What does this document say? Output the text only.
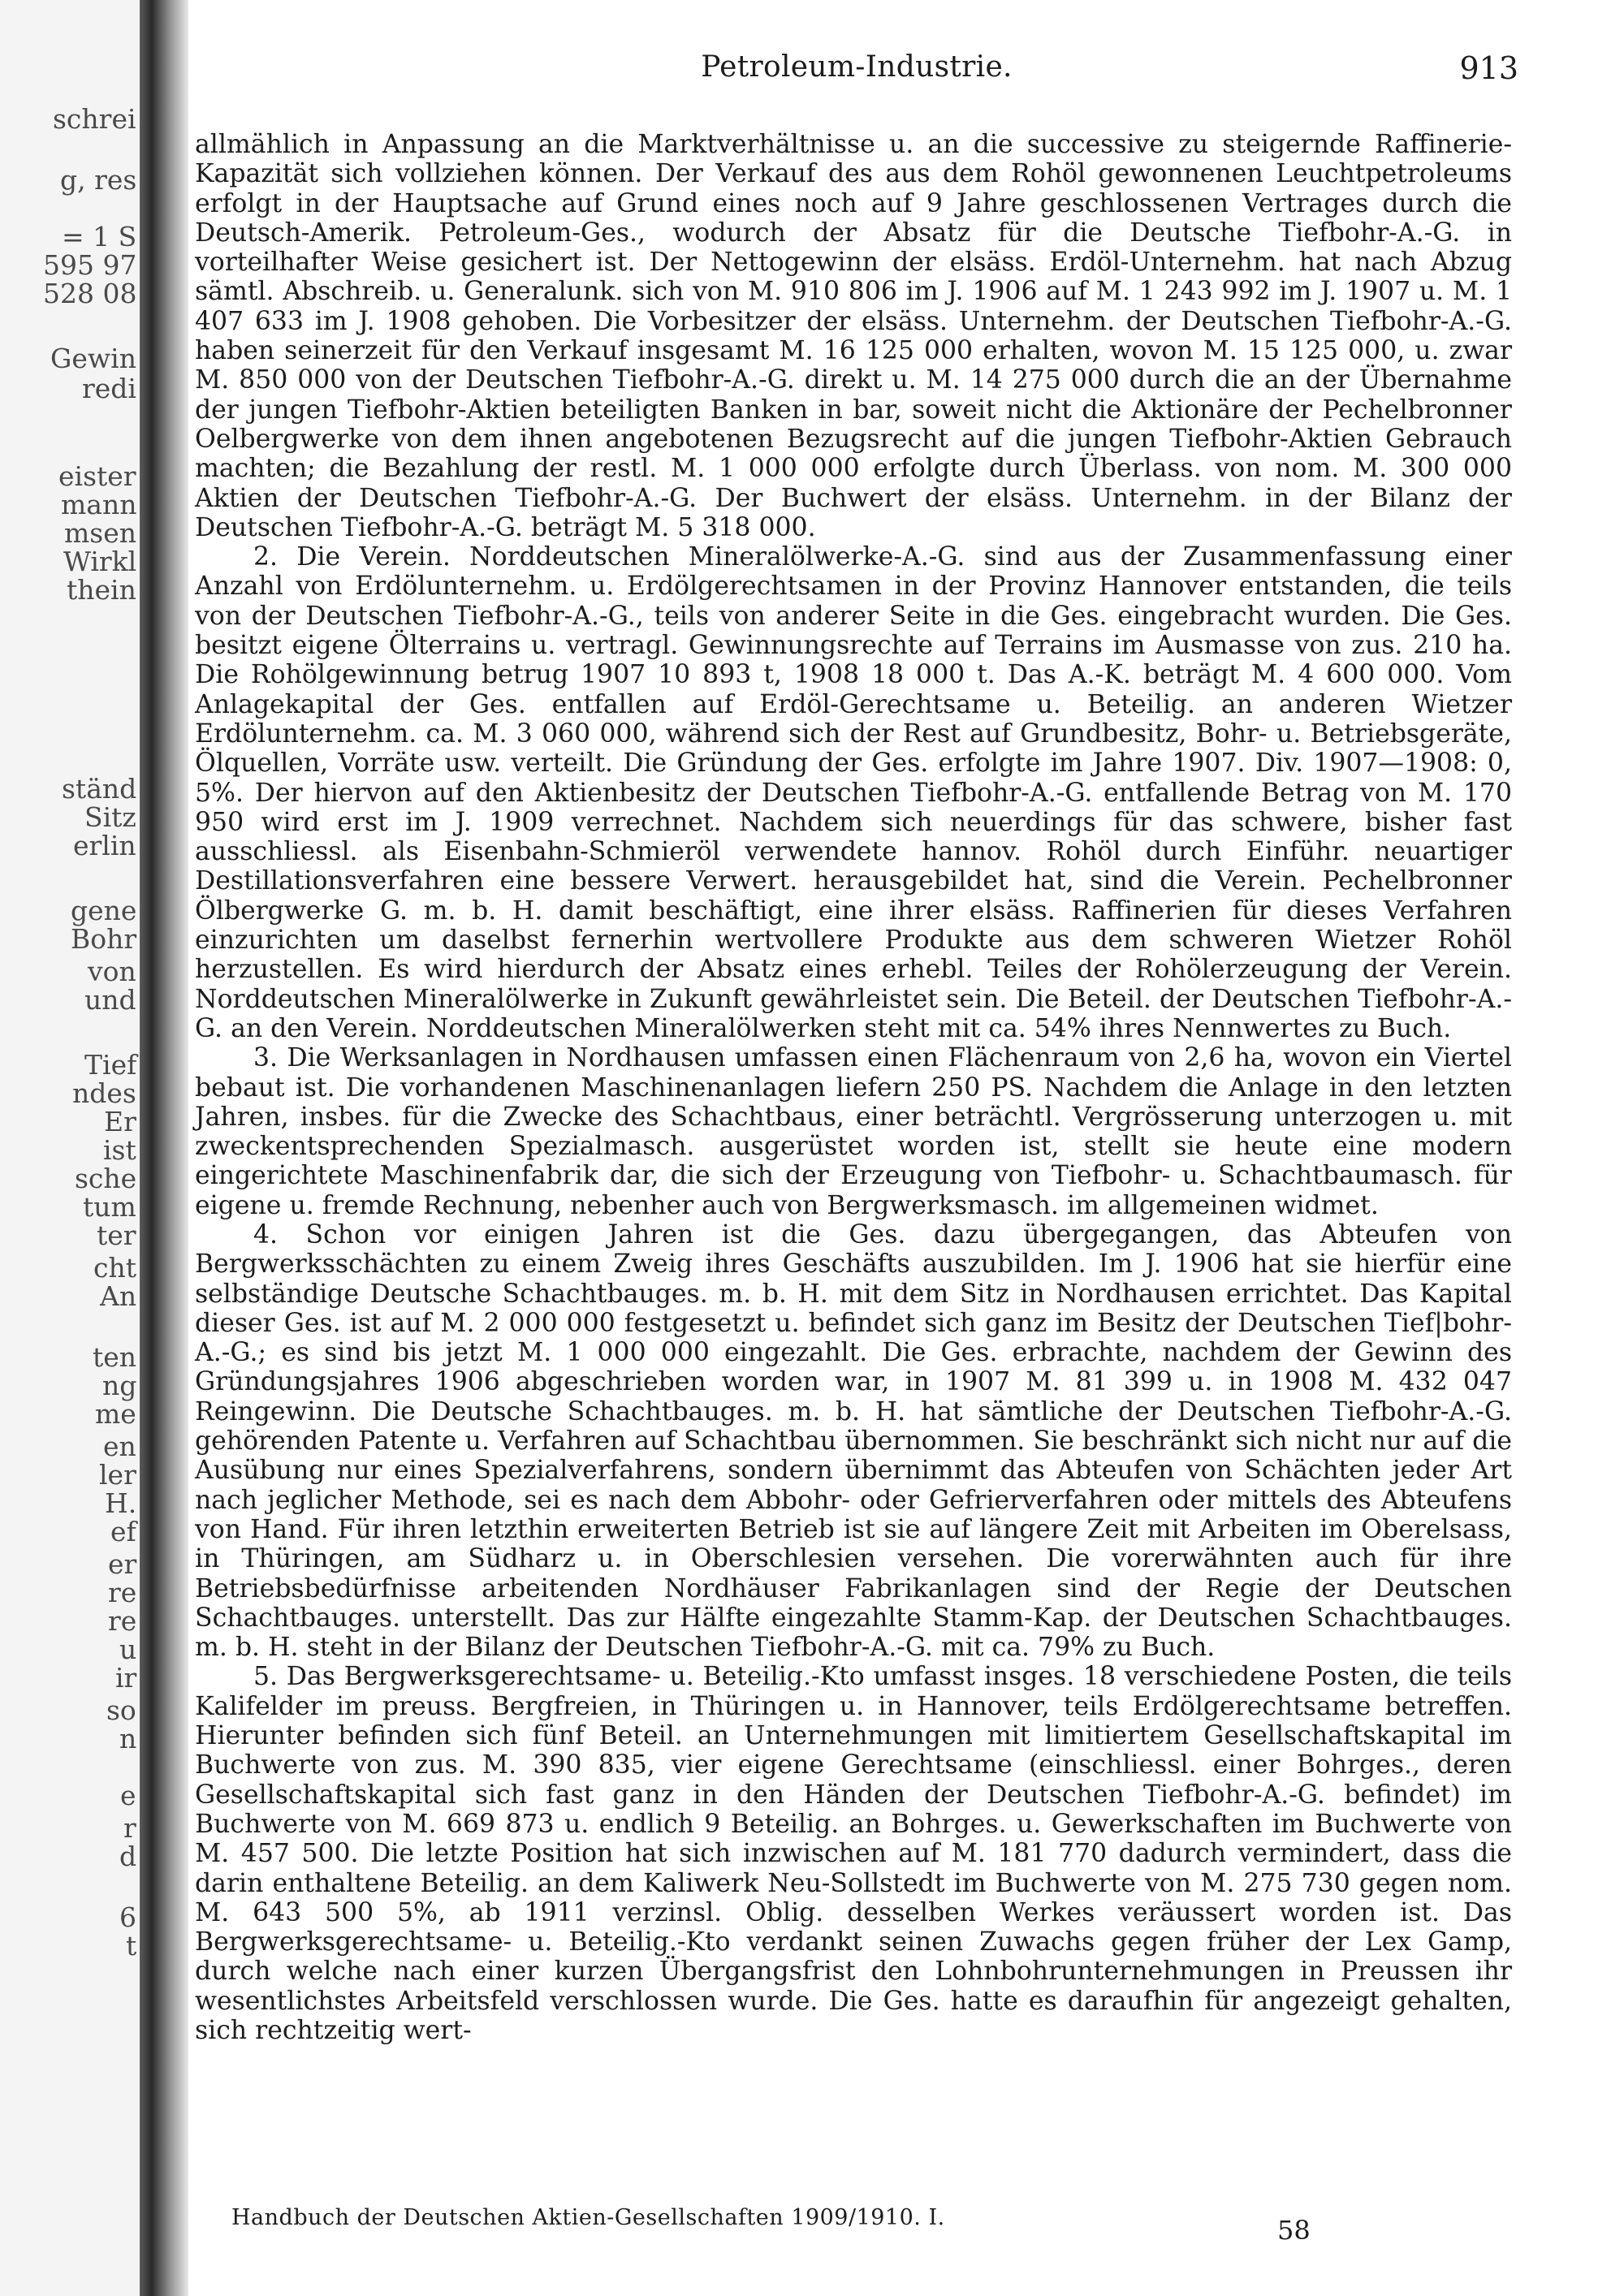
schrei
g, res
= 1 S
595 97
528 08
Gewin
redi
eister
mann
msen
Wirkl
thein
ständ
Sitz
erlin
gene
Bohr
von
und
Tief
ndes
Er
ist
sche
tum
ter
cht
An
ten
ng
me
en
ler
H.
ef
er
re
re
u
ir
so
n
e
r
d
6
t
Petroleum-Industrie.	913

allmählich in Anpassung an die Marktverhältnisse u. an die successive zu steigernde Raffinerie-Kapazität sich vollziehen können. Der Verkauf des aus dem Rohöl gewonnenen Leuchtpetroleums erfolgt in der Hauptsache auf Grund eines noch auf 9 Jahre geschlossenen Vertrages durch die Deutsch-Amerik. Petroleum-Ges., wodurch der Absatz für die Deutsche Tiefbohr-A.-G. in vorteilhafter Weise gesichert ist. Der Nettogewinn der elsäss. Erdöl-Unternehm. hat nach Abzug sämtl. Abschreib. u. Generalunk. sich von M. 910 806 im J. 1906 auf M. 1 243 992 im J. 1907 u. M. 1 407 633 im J. 1908 gehoben. Die Vorbesitzer der elsäss. Unternehm. der Deutschen Tiefbohr-A.-G. haben seinerzeit für den Verkauf insgesamt M. 16 125 000 erhalten, wovon M. 15 125 000, u. zwar M. 850 000 von der Deutschen Tiefbohr-A.-G. direkt u. M. 14 275 000 durch die an der Übernahme der jungen Tiefbohr-Aktien beteiligten Banken in bar, soweit nicht die Aktionäre der Pechelbronner Oelbergwerke von dem ihnen angebotenen Bezugsrecht auf die jungen Tiefbohr-Aktien Gebrauch machten; die Bezahlung der restl. M. 1 000 000 erfolgte durch Überlass. von nom. M. 300 000 Aktien der Deutschen Tiefbohr-A.-G. Der Buchwert der elsäss. Unternehm. in der Bilanz der Deutschen Tiefbohr-A.-G. beträgt M. 5 318 000.

2. Die Verein. Norddeutschen Mineralölwerke-A.-G. sind aus der Zusammenfassung einer Anzahl von Erdölunternehm. u. Erdölgerechtsamen in der Provinz Hannover entstanden, die teils von der Deutschen Tiefbohr-A.-G., teils von anderer Seite in die Ges. eingebracht wurden. Die Ges. besitzt eigene Ölterrains u. vertragl. Gewinnungsrechte auf Terrains im Ausmasse von zus. 210 ha. Die Rohölgewinnung betrug 1907 10 893 t, 1908 18 000 t. Das A.-K. beträgt M. 4 600 000. Vom Anlagekapital der Ges. entfallen auf Erdöl-Gerechtsame u. Beteilig. an anderen Wietzer Erdölunternehm. ca. M. 3 060 000, während sich der Rest auf Grundbesitz, Bohr- u. Betriebsgeräte, Ölquellen, Vorräte usw. verteilt. Die Gründung der Ges. erfolgte im Jahre 1907. Div. 1907—1908: 0, 5%. Der hiervon auf den Aktienbesitz der Deutschen Tiefbohr-A.-G. entfallende Betrag von M. 170 950 wird erst im J. 1909 verrechnet. Nachdem sich neuerdings für das schwere, bisher fast ausschliessl. als Eisenbahn-Schmieröl verwendete hannov. Rohöl durch Einführ. neuartiger Destillationsverfahren eine bessere Verwert. herausgebildet hat, sind die Verein. Pechelbronner Ölbergwerke G. m. b. H. damit beschäftigt, eine ihrer elsäss. Raffinerien für dieses Verfahren einzurichten um daselbst fernerhin wertvollere Produkte aus dem schweren Wietzer Rohöl herzustellen. Es wird hierdurch der Absatz eines erhebl. Teiles der Rohölerzeugung der Verein. Norddeutschen Mineralölwerke in Zukunft gewährleistet sein. Die Beteil. der Deutschen Tiefbohr-A.-G. an den Verein. Norddeutschen Mineralölwerken steht mit ca. 54% ihres Nennwertes zu Buch.

3. Die Werksanlagen in Nordhausen umfassen einen Flächenraum von 2,6 ha, wovon ein Viertel bebaut ist. Die vorhandenen Maschinenanlagen liefern 250 PS. Nachdem die Anlage in den letzten Jahren, insbes. für die Zwecke des Schachtbaus, einer beträchtl. Vergrösserung unterzogen u. mit zweckentsprechenden Spezialmasch. ausgerüstet worden ist, stellt sie heute eine modern eingerichtete Maschinenfabrik dar, die sich der Erzeugung von Tiefbohr- u. Schachtbaumasch. für eigene u. fremde Rechnung, nebenher auch von Bergwerksmasch. im allgemeinen widmet.

4. Schon vor einigen Jahren ist die Ges. dazu übergegangen, das Abteufen von Bergwerksschächten zu einem Zweig ihres Geschäfts auszubilden. Im J. 1906 hat sie hierfür eine selbständige Deutsche Schachtbauges. m. b. H. mit dem Sitz in Nordhausen errichtet. Das Kapital dieser Ges. ist auf M. 2 000 000 festgesetzt u. befindet sich ganz im Besitz der Deutschen Tief|bohr-A.-G.; es sind bis jetzt M. 1 000 000 eingezahlt. Die Ges. erbrachte, nachdem der Gewinn des Gründungsjahres 1906 abgeschrieben worden war, in 1907 M. 81 399 u. in 1908 M. 432 047 Reingewinn. Die Deutsche Schachtbauges. m. b. H. hat sämtliche der Deutschen Tiefbohr-A.-G. gehörenden Patente u. Verfahren auf Schachtbau übernommen. Sie beschränkt sich nicht nur auf die Ausübung nur eines Spezialverfahrens, sondern übernimmt das Abteufen von Schächten jeder Art nach jeglicher Methode, sei es nach dem Abbohr- oder Gefrierverfahren oder mittels des Abteufens von Hand. Für ihren letzthin erweiterten Betrieb ist sie auf längere Zeit mit Arbeiten im Oberelsass, in Thüringen, am Südharz u. in Oberschlesien versehen. Die vorerwähnten auch für ihre Betriebsbedürfnisse arbeitenden Nordhäuser Fabrikanlagen sind der Regie der Deutschen Schachtbauges. unterstellt. Das zur Hälfte eingezahlte Stamm-Kap. der Deutschen Schachtbauges. m. b. H. steht in der Bilanz der Deutschen Tiefbohr-A.-G. mit ca. 79% zu Buch.

5. Das Bergwerksgerechtsame- u. Beteilig.-Kto umfasst insges. 18 verschiedene Posten, die teils Kalifelder im preuss. Bergfreien, in Thüringen u. in Hannover, teils Erdölgerechtsame betreffen. Hierunter befinden sich fünf Beteil. an Unternehmungen mit limitiertem Gesellschaftskapital im Buchwerte von zus. M. 390 835, vier eigene Gerechtsame (einschliessl. einer Bohrges., deren Gesellschaftskapital sich fast ganz in den Händen der Deutschen Tiefbohr-A.-G. befindet) im Buchwerte von M. 669 873 u. endlich 9 Beteilig. an Bohrges. u. Gewerkschaften im Buchwerte von M. 457 500. Die letzte Position hat sich inzwischen auf M. 181 770 dadurch vermindert, dass die darin enthaltene Beteilig. an dem Kaliwerk Neu-Sollstedt im Buchwerte von M. 275 730 gegen nom. M. 643 500 5%, ab 1911 verzinsl. Oblig. desselben Werkes veräussert worden ist. Das Bergwerksgerechtsame- u. Beteilig.-Kto verdankt seinen Zuwachs gegen früher der Lex Gamp, durch welche nach einer kurzen Übergangsfrist den Lohnbohrunternehmungen in Preussen ihr wesentlichstes Arbeitsfeld verschlossen wurde. Die Ges. hatte es daraufhin für angezeigt gehalten, sich rechtzeitig wert-

Handbuch der Deutschen Aktien-Gesellschaften 1909/1910. I.	58
